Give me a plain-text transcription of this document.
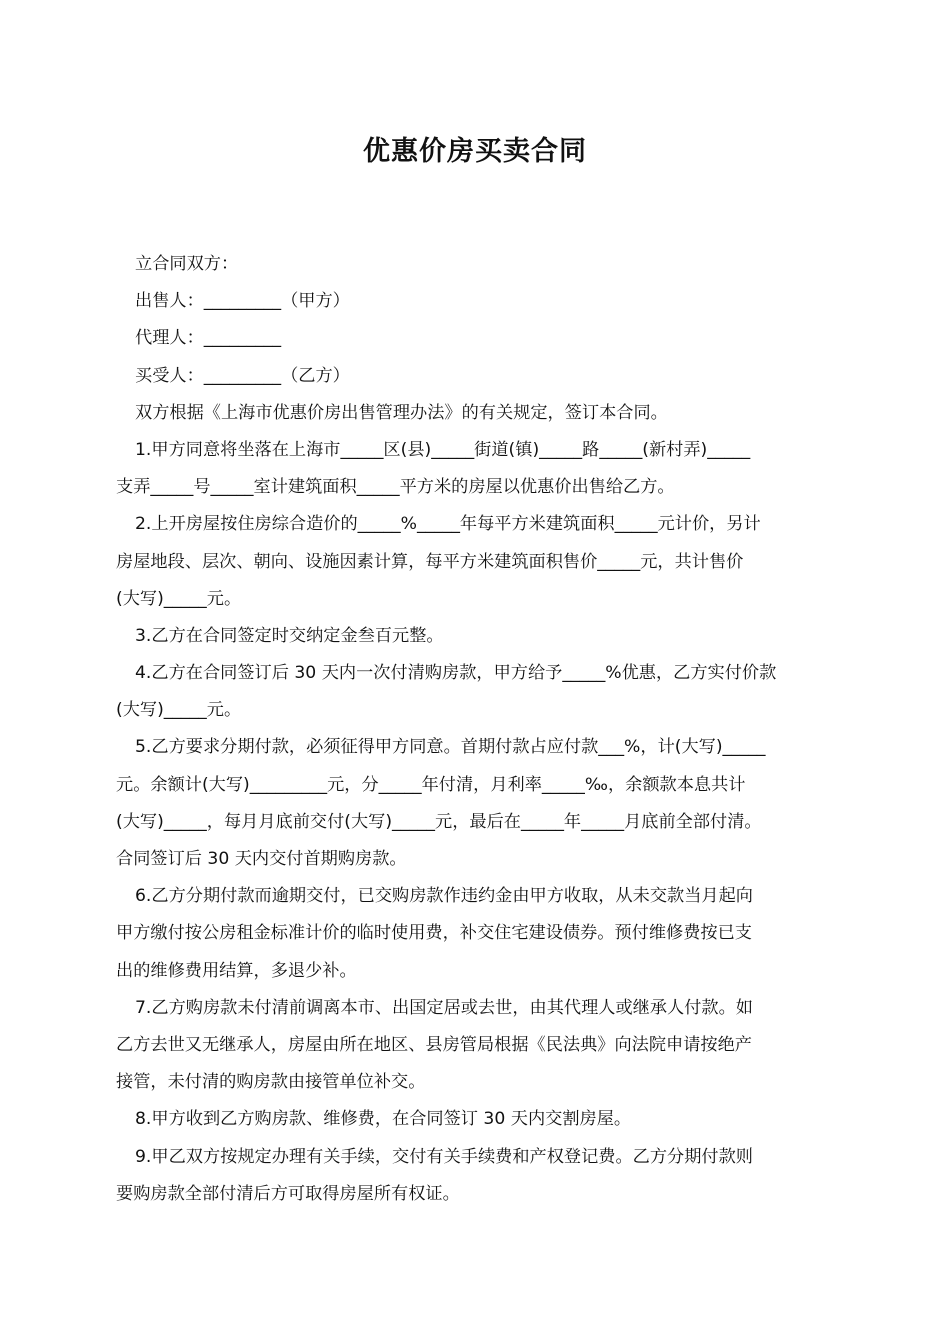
优惠价房买卖合同
立合同双方：
出售人：_________（甲方）
代理人：_________
买受人：_________（乙方）
双方根据《上海市优惠价房出售管理办法》的有关规定，签订本合同。
1.甲方同意将坐落在上海市_____区(县)_____街道(镇)_____路_____(新村弄)_____
支弄_____号_____室计建筑面积_____平方米的房屋以优惠价出售给乙方。
2.上开房屋按住房综合造价的_____%_____年每平方米建筑面积_____元计价，另计
房屋地段、层次、朝向、设施因素计算，每平方米建筑面积售价_____元，共计售价
(大写)_____元。
3.乙方在合同签定时交纳定金叁百元整。
4.乙方在合同签订后 30 天内一次付清购房款，甲方给予_____%优惠，乙方实付价款
(大写)_____元。
5.乙方要求分期付款，必须征得甲方同意。首期付款占应付款___%，计(大写)_____
元。余额计(大写)_________元，分_____年付清，月利率_____‰，余额款本息共计
(大写)_____，每月月底前交付(大写)_____元，最后在_____年_____月底前全部付清。
合同签订后 30 天内交付首期购房款。
6.乙方分期付款而逾期交付，已交购房款作违约金由甲方收取，从未交款当月起向
甲方缴付按公房租金标准计价的临时使用费，补交住宅建设债券。预付维修费按已支
出的维修费用结算，多退少补。
7.乙方购房款未付清前调离本市、出国定居或去世，由其代理人或继承人付款。如
乙方去世又无继承人，房屋由所在地区、县房管局根据《民法典》向法院申请按绝产
接管，未付清的购房款由接管单位补交。
8.甲方收到乙方购房款、维修费，在合同签订 30 天内交割房屋。
9.甲乙双方按规定办理有关手续，交付有关手续费和产权登记费。乙方分期付款则
要购房款全部付清后方可取得房屋所有权证。
